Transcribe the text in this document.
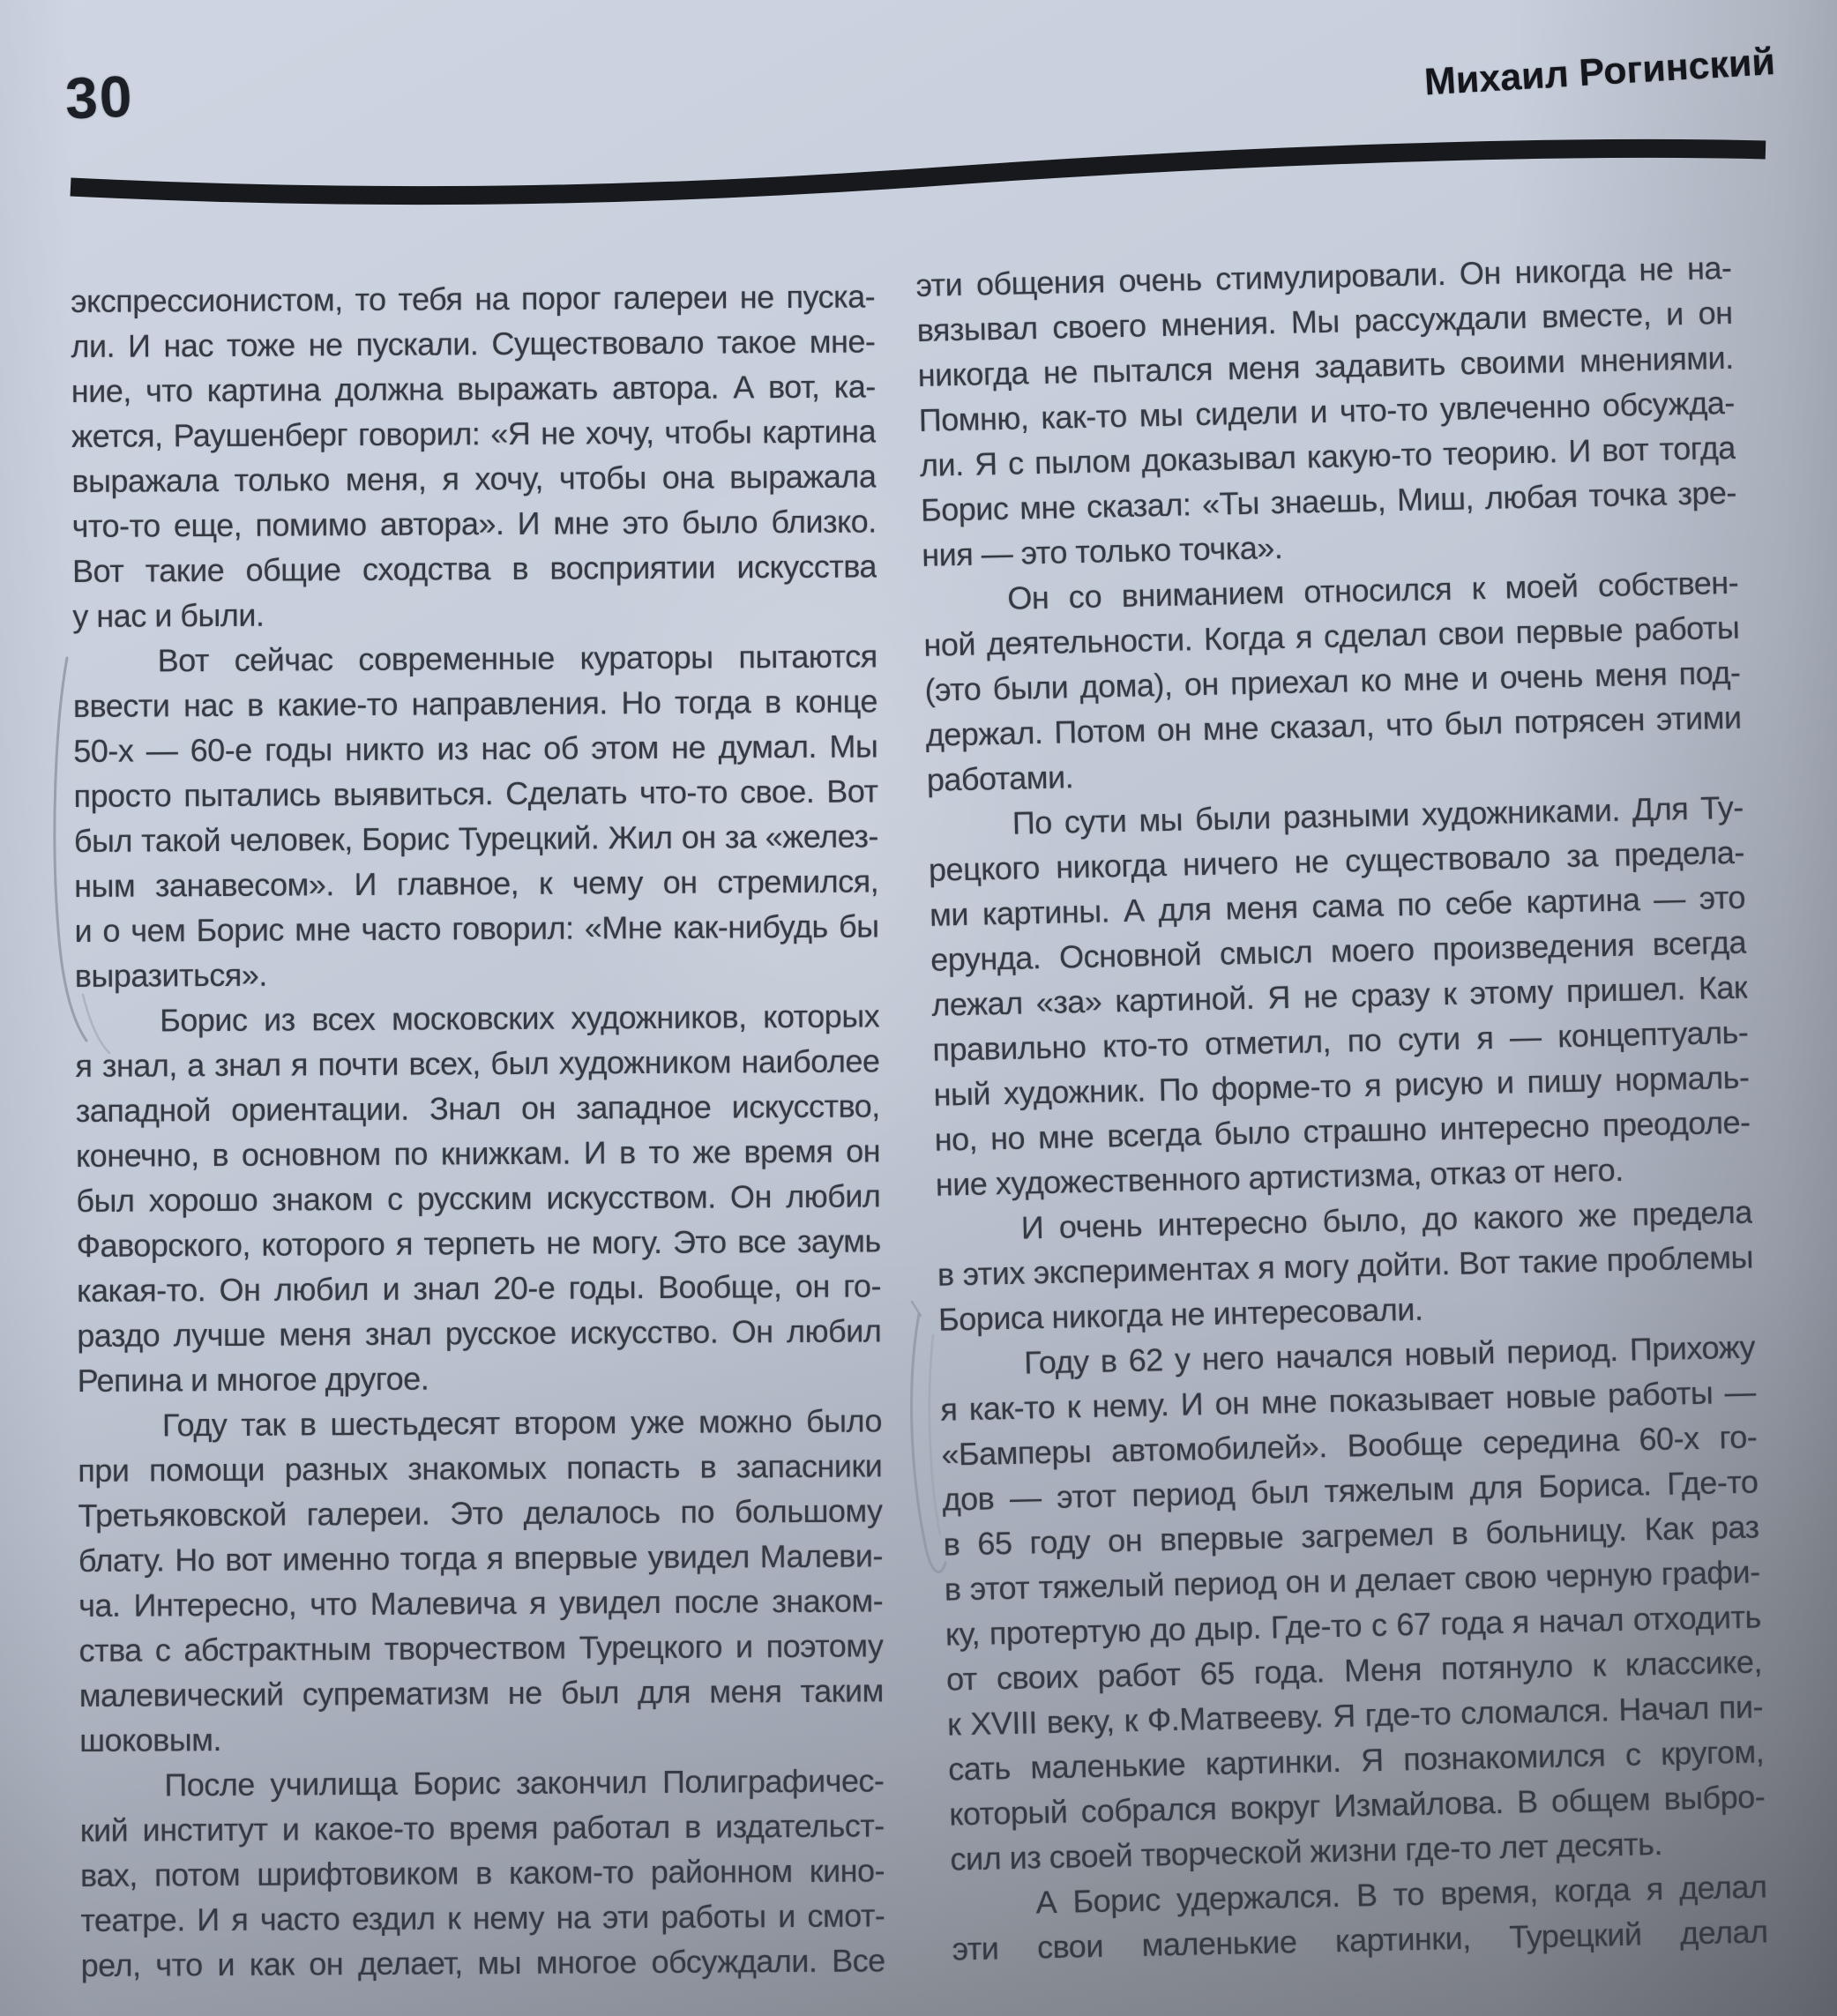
30	Михаил Рогинский
экспрессионистом, то тебя на порог галереи не пуска-
ли. И нас тоже не пускали. Существовало такое мне-
ние, что картина должна выражать автора. А вот, ка-
жется, Раушенберг говорил: «Я не хочу, чтобы картина
выражала только меня, я хочу, чтобы она выражала
что-то еще, помимо автора». И мне это было близко.
Вот такие общие сходства в восприятии искусства
у нас и были.
Вот сейчас современные кураторы пытаются
ввести нас в какие-то направления. Но тогда в конце
50-х — 60-е годы никто из нас об этом не думал. Мы
просто пытались выявиться. Сделать что-то свое. Вот
был такой человек, Борис Турецкий. Жил он за «желез-
ным занавесом». И главное, к чему он стремился,
и о чем Борис мне часто говорил: «Мне как-нибудь бы
выразиться».
Борис из всех московских художников, которых
я знал, а знал я почти всех, был художником наиболее
западной ориентации. Знал он западное искусство,
конечно, в основном по книжкам. И в то же время он
был хорошо знаком с русским искусством. Он любил
Фаворского, которого я терпеть не могу. Это все заумь
какая-то. Он любил и знал 20-е годы. Вообще, он го-
раздо лучше меня знал русское искусство. Он любил
Репина и многое другое.
Году так в шестьдесят втором уже можно было
при помощи разных знакомых попасть в запасники
Третьяковской галереи. Это делалось по большому
блату. Но вот именно тогда я впервые увидел Малеви-
ча. Интересно, что Малевича я увидел после знаком-
ства с абстрактным творчеством Турецкого и поэтому
малевический супрематизм не был для меня таким
шоковым.
После училища Борис закончил Полиграфичес-
кий институт и какое-то время работал в издательст-
вах, потом шрифтовиком в каком-то районном кино-
театре. И я часто ездил к нему на эти работы и смот-
рел, что и как он делает, мы многое обсуждали. Все
эти общения очень стимулировали. Он никогда не на-
вязывал своего мнения. Мы рассуждали вместе, и он
никогда не пытался меня задавить своими мнениями.
Помню, как-то мы сидели и что-то увлеченно обсужда-
ли. Я с пылом доказывал какую-то теорию. И вот тогда
Борис мне сказал: «Ты знаешь, Миш, любая точка зре-
ния — это только точка».
Он со вниманием относился к моей собствен-
ной деятельности. Когда я сделал свои первые работы
(это были дома), он приехал ко мне и очень меня под-
держал. Потом он мне сказал, что был потрясен этими
работами.
По сути мы были разными художниками. Для Ту-
рецкого никогда ничего не существовало за предела-
ми картины. А для меня сама по себе картина — это
ерунда. Основной смысл моего произведения всегда
лежал «за» картиной. Я не сразу к этому пришел. Как
правильно кто-то отметил, по сути я — концептуаль-
ный художник. По форме-то я рисую и пишу нормаль-
но, но мне всегда было страшно интересно преодоле-
ние художественного артистизма, отказ от него.
И очень интересно было, до какого же предела
в этих экспериментах я могу дойти. Вот такие проблемы
Бориса никогда не интересовали.
Году в 62 у него начался новый период. Прихожу
я как-то к нему. И он мне показывает новые работы —
«Бамперы автомобилей». Вообще середина 60-х го-
дов — этот период был тяжелым для Бориса. Где-то
в 65 году он впервые загремел в больницу. Как раз
в этот тяжелый период он и делает свою черную графи-
ку, протертую до дыр. Где-то с 67 года я начал отходить
от своих работ 65 года. Меня потянуло к классике,
к XVIII веку, к Ф.Матвееву. Я где-то сломался. Начал пи-
сать маленькие картинки. Я познакомился с кругом,
который собрался вокруг Измайлова. В общем выбро-
сил из своей творческой жизни где-то лет десять.
А Борис удержался. В то время, когда я делал
эти свои маленькие картинки, Турецкий делал
